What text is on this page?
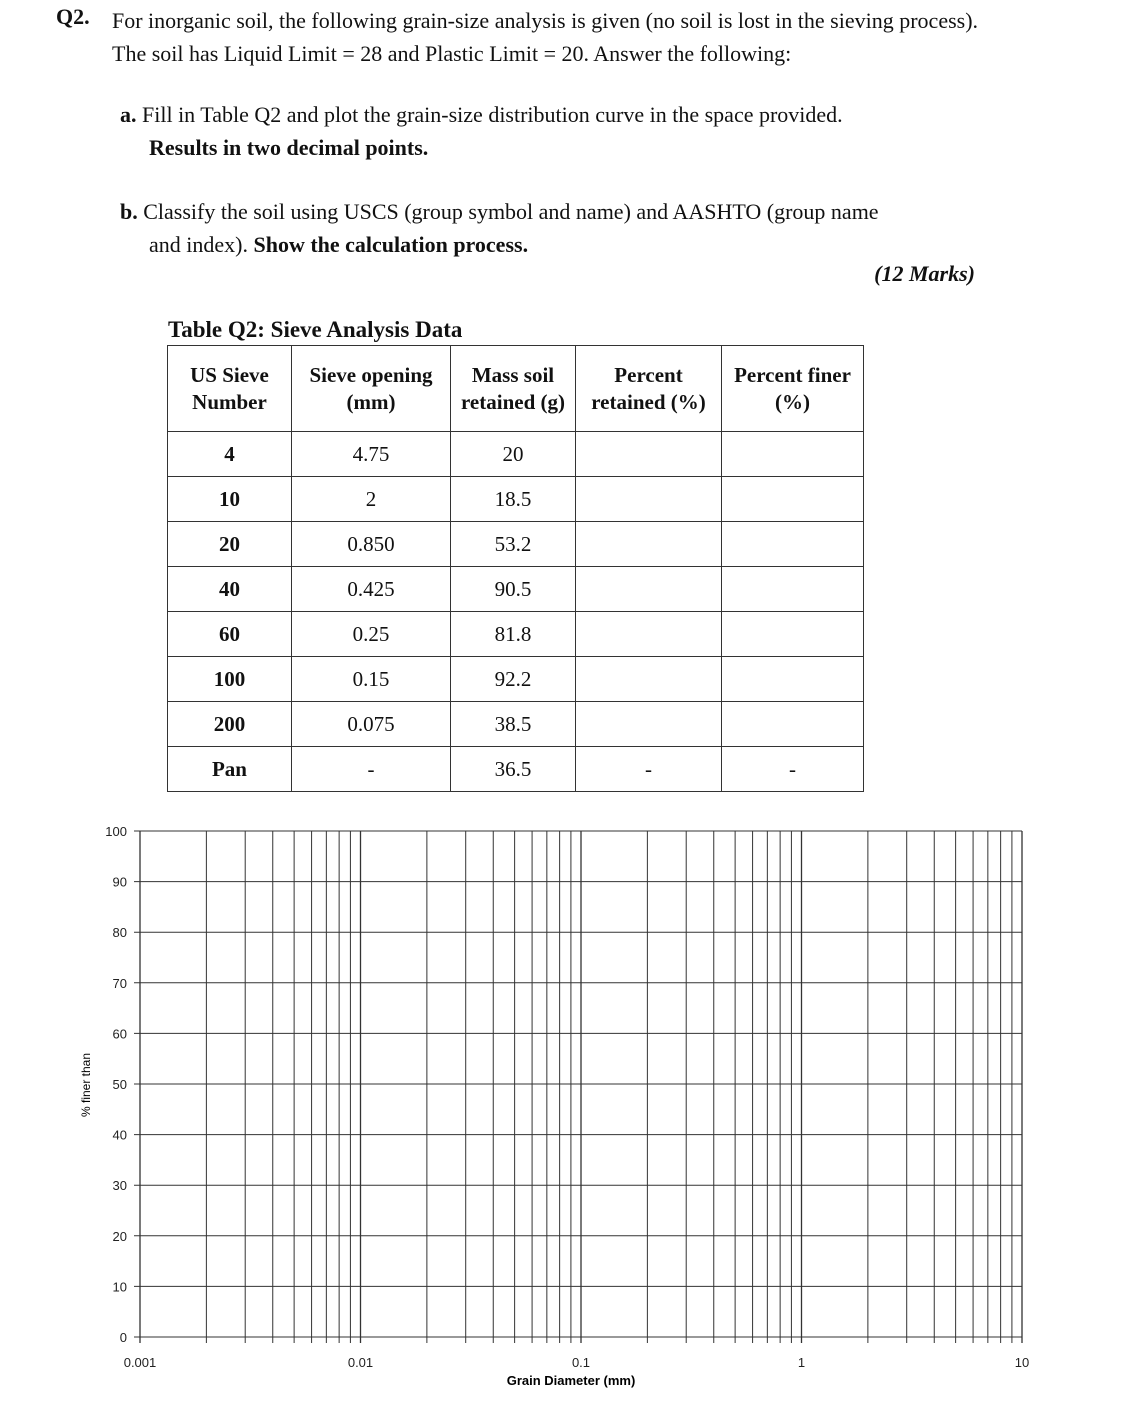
Q2. For inorganic soil, the following grain-size analysis is given (no soil is lost in the sieving process). The soil has Liquid Limit = 28 and Plastic Limit = 20. Answer the following:
a. Fill in Table Q2 and plot the grain-size distribution curve in the space provided.
Results in two decimal points.
b. Classify the soil using USCS (group symbol and name) and AASHTO (group name
and index). Show the calculation process.
(12 Marks)
Table Q2: Sieve Analysis Data
US Sieve Number	Sieve opening (mm)	Mass soil retained (g)	Percent retained (%)	Percent finer (%)
4	4.75	20		
10	2	18.5		
20	0.850	53.2		
40	0.425	90.5		
60	0.25	81.8		
100	0.15	92.2		
200	0.075	38.5		
Pan	-	36.5	-	-
0
10
20
30
40
50
60
70
80
90
100
0.001	0.01	0.1	1	10
Grain Diameter (mm)
% finer than
